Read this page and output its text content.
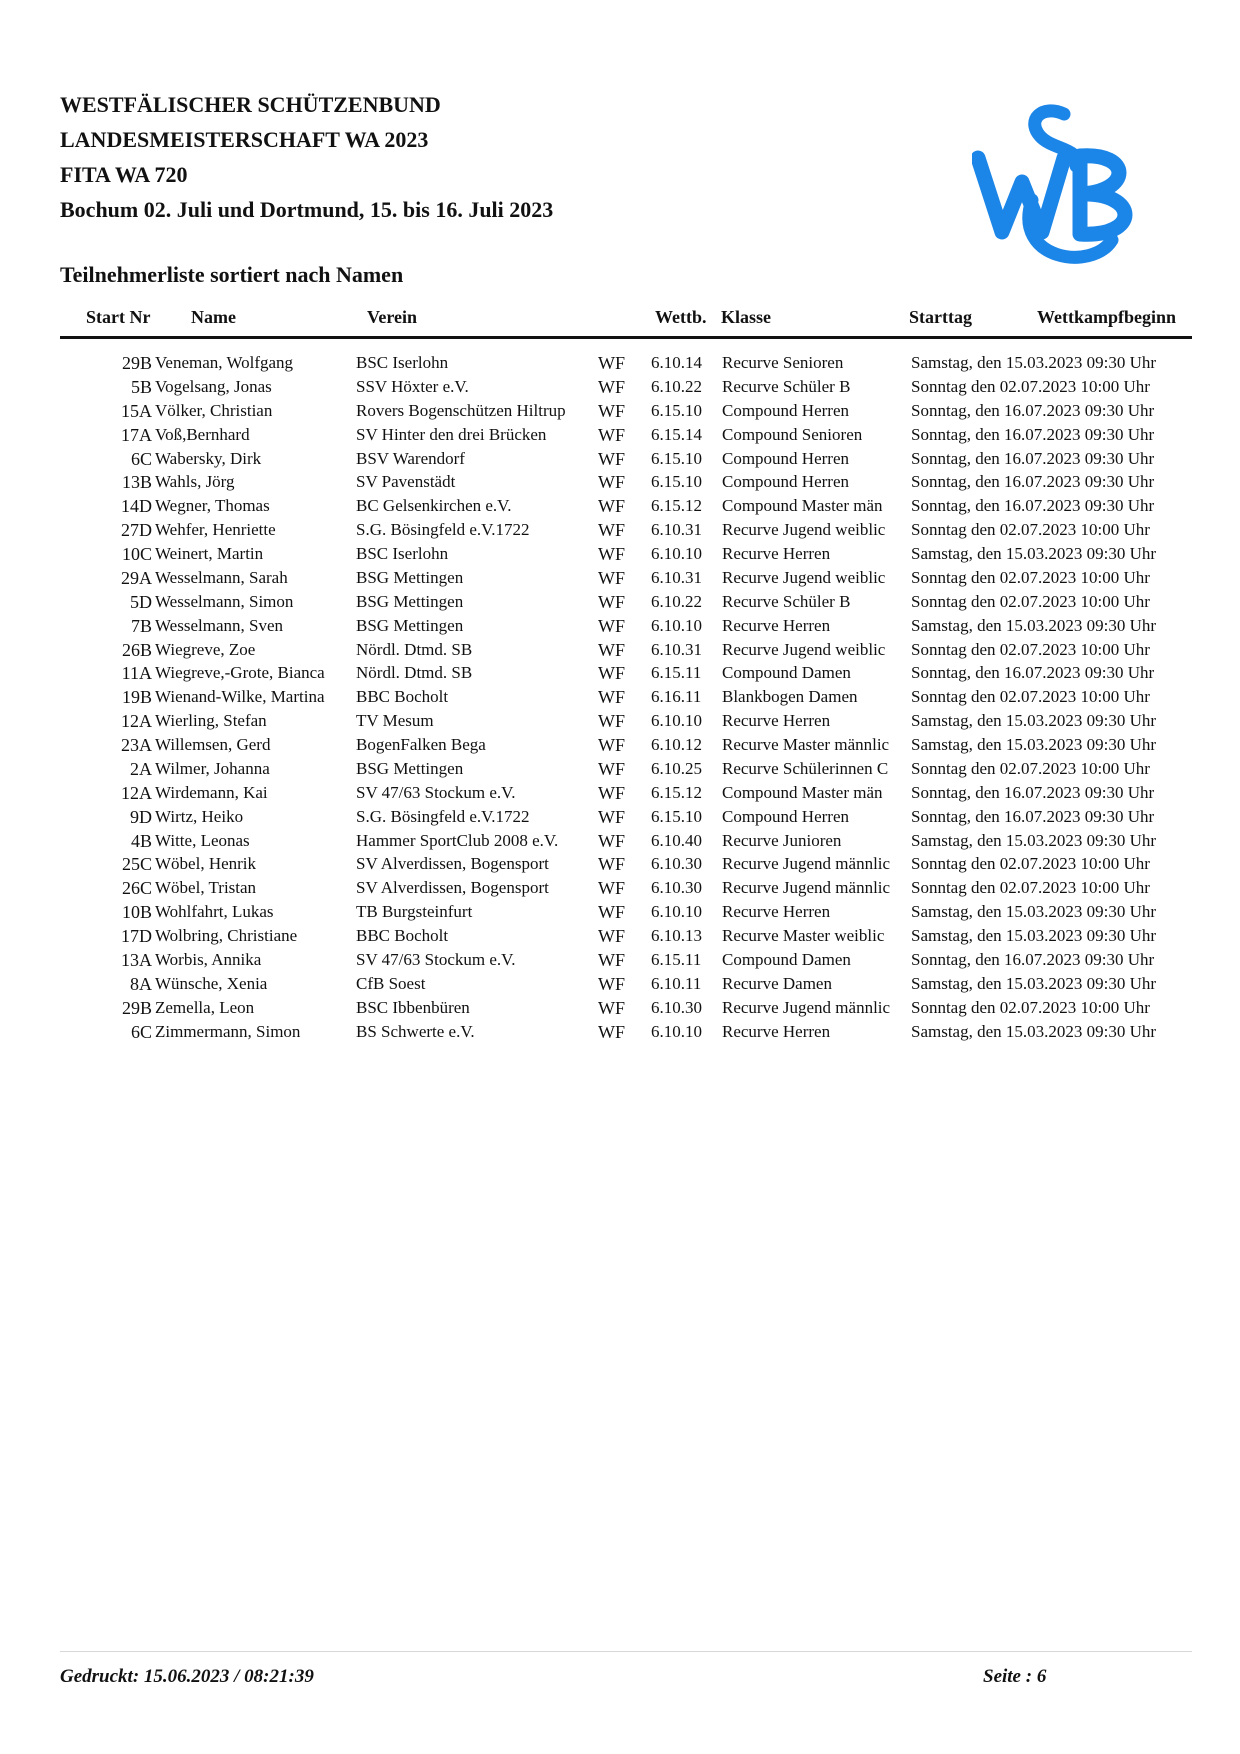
WESTFÄLISCHER SCHÜTZENBUND
LANDESMEISTERSCHAFT WA 2023
FITA WA 720
Bochum 02. Juli und Dortmund, 15. bis 16. Juli 2023
Teilnehmerliste sortiert nach Namen
Start Nr Name	Verein	Wettb. Klasse	Starttag	Wettkampfbeginn
29B Veneman, Wolfgang	BSC Iserlohn	WF 6.10.14 Recurve Senioren	Samstag, den 15.03.2023 09:30 Uhr
5B Vogelsang, Jonas	SSV Höxter e.V.	WF 6.10.22 Recurve Schüler B	Sonntag den 02.07.2023 10:00 Uhr
15A Völker, Christian	Rovers Bogenschützen Hiltrup WF 6.15.10 Compound Herren	Sonntag, den 16.07.2023 09:30 Uhr
17A Voß,Bernhard	SV Hinter den drei Brücken	WF 6.15.14 Compound Senioren	Sonntag, den 16.07.2023 09:30 Uhr
6C Wabersky, Dirk	BSV Warendorf	WF 6.15.10 Compound Herren	Sonntag, den 16.07.2023 09:30 Uhr
13B Wahls, Jörg	SV Pavenstädt	WF 6.15.10 Compound Herren	Sonntag, den 16.07.2023 09:30 Uhr
14D Wegner, Thomas	BC Gelsenkirchen e.V.	WF 6.15.12 Compound Master män Sonntag, den 16.07.2023 09:30 Uhr
27D Wehfer, Henriette	S.G. Bösingfeld e.V.1722	WF 6.10.31 Recurve Jugend weiblic Sonntag den 02.07.2023 10:00 Uhr
10C Weinert, Martin	BSC Iserlohn	WF 6.10.10 Recurve Herren	Samstag, den 15.03.2023 09:30 Uhr
29A Wesselmann, Sarah	BSG Mettingen	WF 6.10.31 Recurve Jugend weiblic Sonntag den 02.07.2023 10:00 Uhr
5D Wesselmann, Simon	BSG Mettingen	WF 6.10.22 Recurve Schüler B	Sonntag den 02.07.2023 10:00 Uhr
7B Wesselmann, Sven	BSG Mettingen	WF 6.10.10 Recurve Herren	Samstag, den 15.03.2023 09:30 Uhr
26B Wiegreve, Zoe	Nördl. Dtmd. SB	WF 6.10.31 Recurve Jugend weiblic Sonntag den 02.07.2023 10:00 Uhr
11A Wiegreve,-Grote, Bianca Nördl. Dtmd. SB	WF 6.15.11 Compound Damen	Sonntag, den 16.07.2023 09:30 Uhr
19B Wienand-Wilke, Martina BBC Bocholt	WF 6.16.11 Blankbogen Damen	Sonntag den 02.07.2023 10:00 Uhr
12A Wierling, Stefan	TV Mesum	WF 6.10.10 Recurve Herren	Samstag, den 15.03.2023 09:30 Uhr
23A Willemsen, Gerd	BogenFalken Bega	WF 6.10.12 Recurve Master männlic Samstag, den 15.03.2023 09:30 Uhr
2A Wilmer, Johanna	BSG Mettingen	WF 6.10.25 Recurve Schülerinnen C Sonntag den 02.07.2023 10:00 Uhr
12A Wirdemann, Kai	SV 47/63 Stockum e.V.	WF 6.15.12 Compound Master män Sonntag, den 16.07.2023 09:30 Uhr
9D Wirtz, Heiko	S.G. Bösingfeld e.V.1722	WF 6.15.10 Compound Herren	Sonntag, den 16.07.2023 09:30 Uhr
4B Witte, Leonas	Hammer SportClub 2008 e.V. WF 6.10.40 Recurve Junioren	Samstag, den 15.03.2023 09:30 Uhr
25C Wöbel, Henrik	SV Alverdissen, Bogensport	WF 6.10.30 Recurve Jugend männlic Sonntag den 02.07.2023 10:00 Uhr
26C Wöbel, Tristan	SV Alverdissen, Bogensport	WF 6.10.30 Recurve Jugend männlic Sonntag den 02.07.2023 10:00 Uhr
10B Wohlfahrt, Lukas	TB Burgsteinfurt	WF 6.10.10 Recurve Herren	Samstag, den 15.03.2023 09:30 Uhr
17D Wolbring, Christiane	BBC Bocholt	WF 6.10.13 Recurve Master weiblic Samstag, den 15.03.2023 09:30 Uhr
13A Worbis, Annika	SV 47/63 Stockum e.V.	WF 6.15.11 Compound Damen	Sonntag, den 16.07.2023 09:30 Uhr
8A Wünsche, Xenia	CfB Soest	WF 6.10.11 Recurve Damen	Samstag, den 15.03.2023 09:30 Uhr
29B Zemella, Leon	BSC Ibbenbüren	WF 6.10.30 Recurve Jugend männlic Sonntag den 02.07.2023 10:00 Uhr
6C Zimmermann, Simon	BS Schwerte e.V.	WF 6.10.10 Recurve Herren	Samstag, den 15.03.2023 09:30 Uhr
Gedruckt: 15.06.2023 / 08:21:39	Seite : 6
